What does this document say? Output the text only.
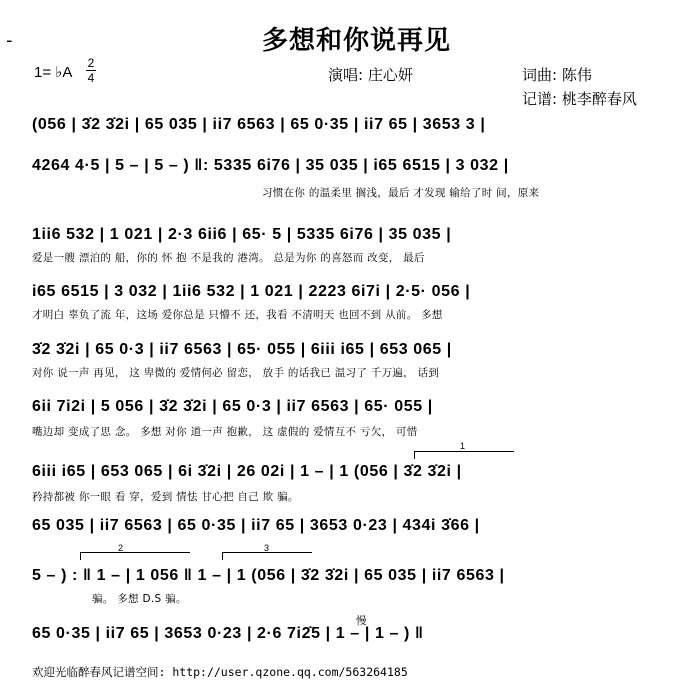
-	多想和你说再见
1= ♭A
2
4	演唱: 庄心妍	词曲: 陈伟
记谱: 桃李醉春风
(056 | 3̇2 3̇2i | 65 035 | ii7 6563 | 65 0·35 | ii7 65 | 3653 3 |
4264 4·5 | 5 – | 5 – ) ‖: 5335 6i76 | 35 035 | i65 6515 | 3 032 |
习惯在你 的温柔里 搁浅，最后 才发现 输给了时 间，原来
1ii6 532 | 1 021 | 2·3 6ii6 | 65· 5 | 5335 6i76 | 35 035 |
爱是一艘 漂泊的 船，你的 怀 抱 不是我的 港湾。 总是为你 的喜怒而 改变， 最后
i65 6515 | 3 032 | 1ii6 532 | 1 021 | 2223 6i7i | 2·5· 056 |
才明白 辜负了流 年，这场 爱你总是 只懵不 还，我看 不清明天 也回不到 从前。 多想
3̇2 3̇2i | 65 0·3 | ii7 6563 | 65· 055 | 6iii i65 | 653 065 |
对你 说一声 再见， 这 卑微的 爱情何必 留恋， 放手 的话我已 温习了 千万遍， 话到
6ii 7i2i | 5 056 | 3̇2 3̇2i | 65 0·3 | ii7 6563 | 65· 055 |
嘴边却 变成了思 念。 多想 对你 道一声 抱歉， 这 虚假的 爱情互不 亏欠， 可惜
1
6iii i65 | 653 065 | 6i 3̇2i | 26 02i | 1 – | 1 (056 | 3̇2 3̇2i |
矜持都被 你一眼 看 穿，爱到 情怯 甘心把 自己 欺 骗。
65 035 | ii7 6563 | 65 0·35 | ii7 65 | 3653 0·23 | 434i 3̇66 |
2	3
5 – ) : ‖ 1 – | 1 056 ‖ 1 – | 1 (056 | 3̇2 3̇2i | 65 035 | ii7 6563 |
骗。 多想 D.S 骗。
慢
65 0·35 | ii7 65 | 3653 0·23 | 2·6 7i2̇5 | 1 – | 1 – ) ‖
欢迎光临醉春风记谱空间: http://user.qzone.qq.com/563264185
